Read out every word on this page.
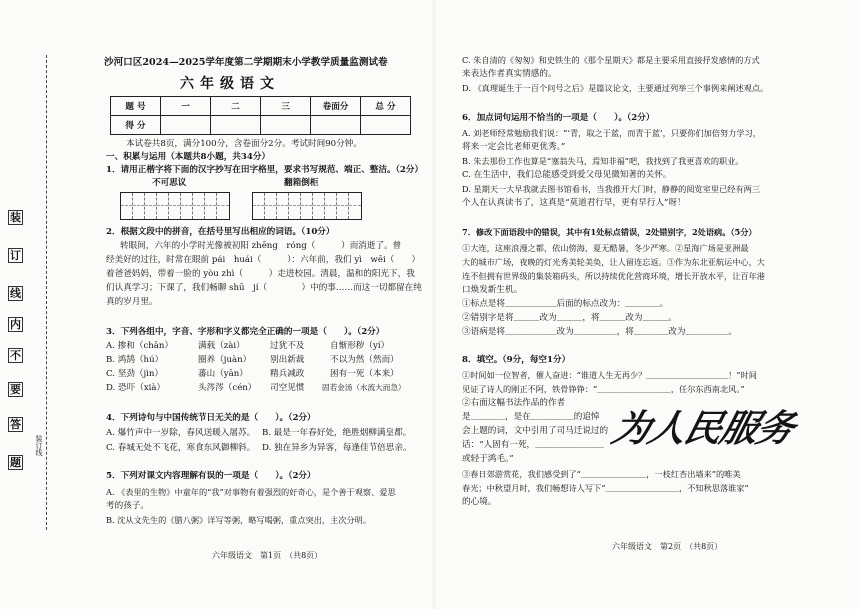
装
订
线
内
不
要
答
题
装订线
沙河口区2024—2025学年度第二学期期末小学教学质量监测试卷
六年级语文
题 号	一	二	三	卷面分	总 分
得 分					
本试卷共8页，满分100分，含卷面分2分。考试时间90分钟。
一、积累与运用（本题共8小题，共34分）
1．请用正楷字将下面的汉字抄写在田字格里，要求书写规范、端正、整洁。（2分）
不可思议	翻箱倒柜
2．根据文段中的拼音，在括号里写出相应的词语。（10分）
转眼间，六年的小学时光像被初阳 zhēng　róng（　　　）而消逝了。曾
经美好的过往，时常在眼前 pái　huái（　　　）：六年前，我们 yì　wēi（　　）
着爸爸妈妈，带着一脸的 yòu zhì（　　　）走进校园。清晨，温和的阳光下，我
们认真学习；下课了，我们畅聊 shū　jí（　　　　）中的事……而这一切都留在纯
真的岁月里。
3．下列各组中，字音、字形和字义都完全正确的一项是（　　）。（2分）
A. 掺和（chān）	满载（zài）	过犹不及	自惭形秽（yí）
B. 鸿鹄（hú）	圈养（juàn） 别出新裁	不以为然（然而）
C. 坚劲（jìn）	蕃山（yān）	精兵减政	困有一死（本来）
D. 恐吓（xià）	头涔涔（cén） 司空见惯 固若金汤（水流大而急）
4．下列诗句与中国传统节日无关的是（　　）。（2分）
A. 爆竹声中一岁除，春风送暖入屠苏。 B. 最是一年春好处，绝胜烟柳满皇都。
C. 春城无处不飞花，寒食东风御柳斜。 D. 独在异乡为异客，每逢佳节倍思亲。
5．下列对课文内容理解有误的一项是（　　）。（2分）
A. 《表里的生物》中童年的“我”对事物有着强烈的好奇心，是个善于观察、爱思
考的孩子。
B. 沈从文先生的《腊八粥》详写等粥，略写喝粥，重点突出，主次分明。
六年级语文　第1页　（共8页）
C. 朱自清的《匆匆》和史铁生的《那个星期天》都是主要采用直接抒发感情的方式
来表达作者真实情感的。
D. 《真理诞生于一百个问号之后》是篇议论文，主要通过列举三个事例来阐述观点。
6．加点词句运用不恰当的一项是（　　）。（2分）
A. 刘老师经常勉励我们说：“‘青，取之于蓝，而青于蓝’，只要你们加倍努力学习，
将来一定会比老师更优秀。”
B. 朱去那份工作也算是“塞翁失马，焉知非福”吧，我找到了我更喜欢的职业。
C. 在生活中，我们总能感受到爱父母见微知著的关怀。
D. 星期天一大早我就去图书馆看书，当我推开大门时，静静的阅览室里已经有两三
个人在认真读书了，这真是“莫道君行早，更有早行人”呀！
7．修改下面语段中的错误，其中有1处标点错误，2处错别字，2处语病。（5分）
①大连，这座浪漫之都，依山傍海，夏无酷暑，冬少严寒。②星海广场是亚洲最
大的城市广场，夜晚的灯光秀美轮美奂，让人留连忘返。③作为东北亚航运中心，大
连不但拥有世界级的集装箱码头，所以持续优化营商环境，增长开放水平，让百年港
口焕发新生机。
①标点是将＿＿＿＿＿＿后面的标点改为：＿＿＿＿。
②错别字是将＿＿＿改为＿＿＿，将＿＿＿改为＿＿＿。
③语病是将＿＿＿＿＿＿改为＿＿＿＿＿，将＿＿＿＿改为＿＿＿＿＿。
8．填空。（9分，每空1分）
①时间如一位智者，催人奋进：“谁道人生无再少？＿＿＿＿＿＿＿＿＿＿！”时间
见证了诗人的刚正不阿，铁骨铮铮：“＿＿＿＿＿＿＿＿＿，任尔东西南北风。”
②右面这幅书法作品的作者
是＿＿＿＿，是在＿＿＿＿＿的追悼
会上题的词，文中引用了司马迁说过的
话：“人固有一死，＿＿＿＿＿＿＿＿
或轻于鸿毛。”
③春日郊游赏花，我们感受到了“＿＿＿＿＿＿＿＿，一枝红杏出墙来”的唯美
春光；中秋望月时，我们畅想诗人写下“＿＿＿＿＿＿＿＿＿，不知秋思落谁家”
的心境。
六年级语文　第2页　（共8页）
为人民服务
